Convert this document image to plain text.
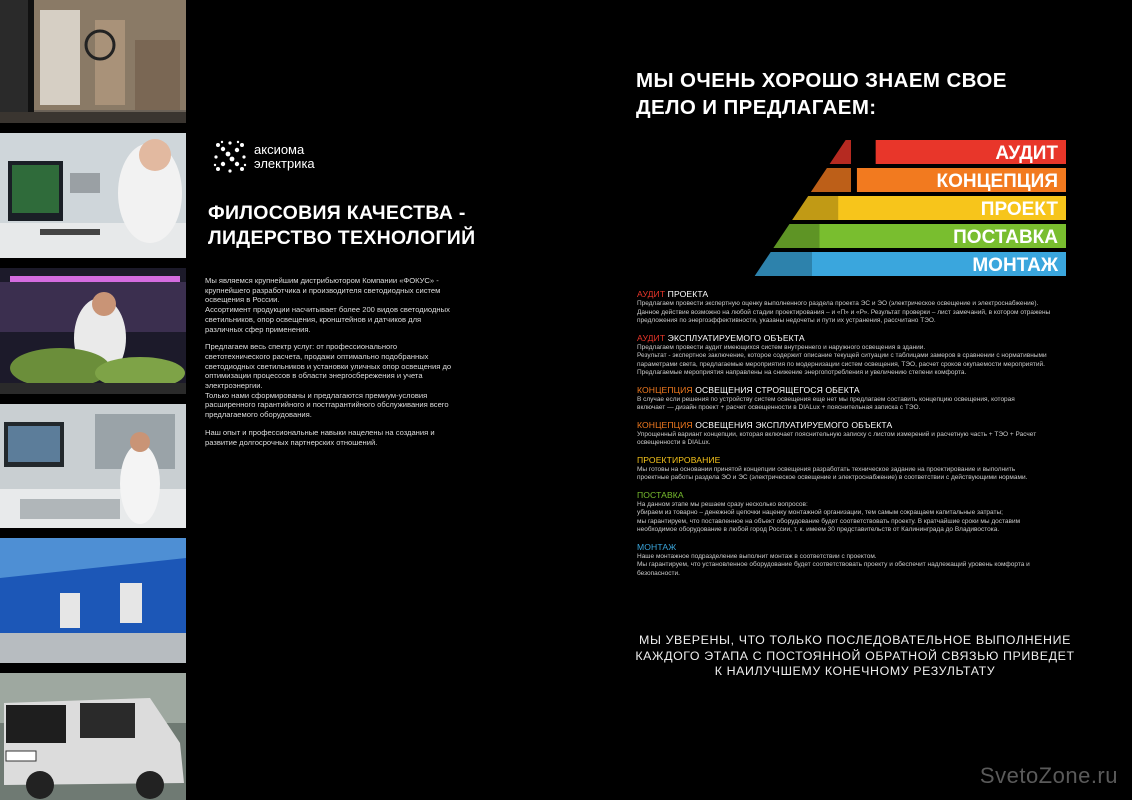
аксиома
электрика
ФИЛОСОВИЯ КАЧЕСТВА -
ЛИДЕРСТВО ТЕХНОЛОГИЙ

Мы являемся крупнейшим дистрибьютором Компании «ФОКУС» -
крупнейшего разработчика и производителя светодиодных систем
освещения в России.
Ассортимент продукции насчитывает более 200 видов светодиодных
светильников, опор освещения, кронштейнов и датчиков для
различных сфер применения.

Предлагаем весь спектр услуг: от профессионального
светотехнического расчета, продажи оптимально подобранных
светодиодных светильников и установки уличных опор освещения до
оптимизации процессов в области энергосбережения и учета
электроэнергии.
Только нами сформированы и предлагаются премиум-условия
расширенного гарантийного и постгарантийного обслуживания всего
предлагаемого оборудования.

Наш опыт и профессиональные навыки нацелены на создания и
развитие долгосрочных партнерских отношений.

МЫ ОЧЕНЬ ХОРОШО ЗНАЕМ СВОЕ
ДЕЛО И ПРЕДЛАГАЕМ:
АУДИТ
КОНЦЕПЦИЯ
ПРОЕКТ
ПОСТАВКА
МОНТАЖ
АУДИТ ПРОЕКТА

Предлагаем провести экспертную оценку выполненного раздела проекта ЭС и ЭО (электрическое освещение и электроснабжение).
Данное действие возможно на любой стадии проектирования – и «П» и «Р». Результат проверки – лист замечаний, в котором отражены
предложения по энергоэффективности, указаны недочеты и пути их устранения, рассчитано ТЭО.

АУДИТ ЭКСПЛУАТИРУЕМОГО ОБЪЕКТА

Предлагаем провести аудит имеющихся систем внутреннего и наружного освещения в здании.
Результат - экспертное заключение, которое содержит описание текущей ситуации с таблицами замеров в сравнении с нормативными
параметрами света, предлагаемые мероприятия по модернизации систем освещения, ТЭО, расчет сроков окупаемости мероприятий.
Предлагаемые мероприятия направлены на снижение энергопотребления и увеличению степени комфорта.

КОНЦЕПЦИЯ ОСВЕЩЕНИЯ СТРОЯЩЕГОСЯ ОБЕКТА

В случае если решения по устройству систем освещения еще нет мы предлагаем составить концепцию освещения, которая
включает — дизайн проект + расчет освещенности в DIALux + пояснительная записка с ТЭО.

КОНЦЕПЦИЯ ОСВЕЩЕНИЯ ЭКСПЛУАТИРУЕМОГО ОБЪЕКТА

Упрощенный вариант концепции, которая включает пояснительную записку с листом измерений и расчетную часть + ТЭО + Расчет
освещенности в DIALux.

ПРОЕКТИРОВАНИЕ

Мы готовы на основании принятой концепции освещения разработать техническое задание на проектирование и выполнить
проектные работы раздела ЭО и ЭС (электрическое освещение и электроснабжение) в соответствии с действующими нормами.

ПОСТАВКА

На данном этапе мы решаем сразу несколько вопросов:
убираем из товарно – денежной цепочки наценку монтажной организации, тем самым сокращаем капитальные затраты;
мы гарантируем, что поставленное на объект оборудование будет соответствовать проекту. В кратчайшие сроки мы доставим
необходимое оборудование в любой город России, т. к. имеем 30 представительств от Калининграда до Владивостока.

МОНТАЖ

Наше монтажное подразделение выполнит монтаж в соответствии с проектом.
Мы гарантируем, что установленное оборудование будет соответствовать проекту и обеспечит надлежащий уровень комфорта и
безопасности.

МЫ УВЕРЕНЫ, ЧТО ТОЛЬКО ПОСЛЕДОВАТЕЛЬНОЕ ВЫПОЛНЕНИЕ
КАЖДОГО ЭТАПА С ПОСТОЯННОЙ ОБРАТНОЙ СВЯЗЬЮ ПРИВЕДЕТ
К НАИЛУЧШЕМУ КОНЕЧНОМУ РЕЗУЛЬТАТУ
SvetoZone.ru
